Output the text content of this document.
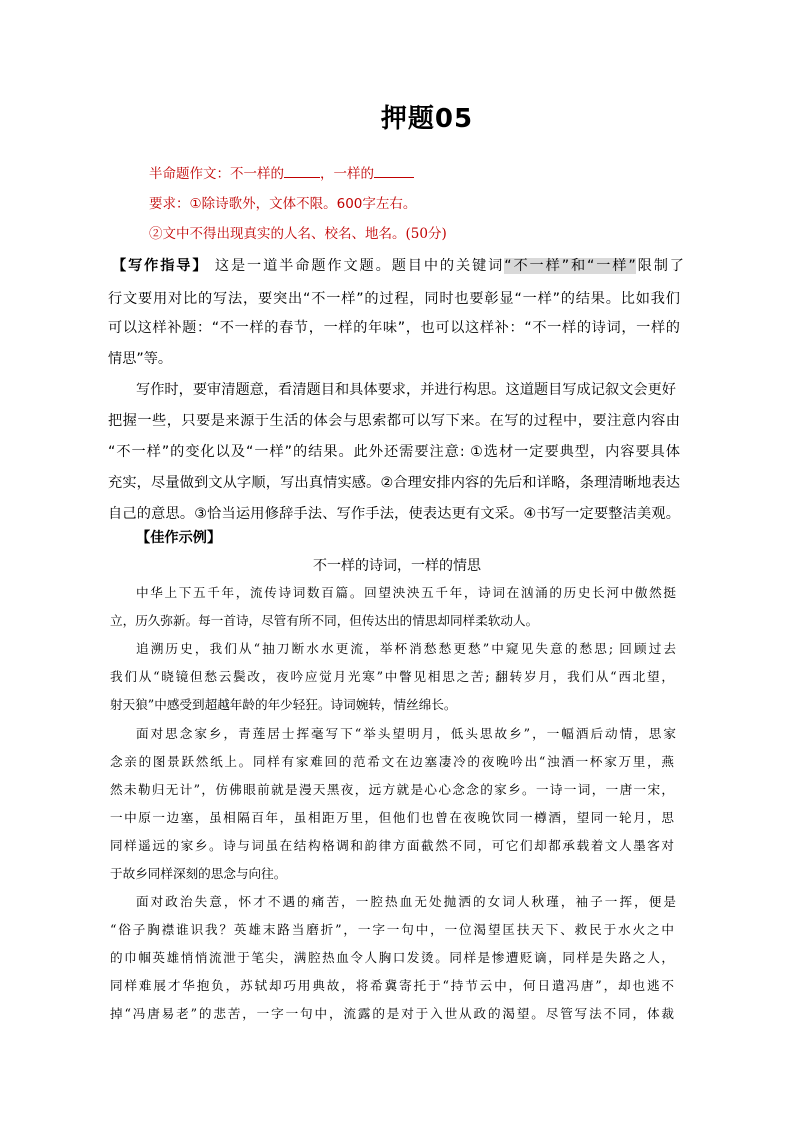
押题05
半命题作文：不一样的	，一样的
要求：①除诗歌外，文体不限。600字左右。
②文中不得出现真实的人名、校名、地名。(50分)
【写作指导】 这是一道半命题作文题。题目中的关键词“不一样”和“一样”限制了
行文要用对比的写法，要突出“不一样”的过程，同时也要彰显“一样”的结果。比如我们
可以这样补题：“不一样的春节，一样的年味”，也可以这样补：“不一样的诗词，一样的
情思”等。
写作时，要审清题意，看清题目和具体要求，并进行构思。这道题目写成记叙文会更好
把握一些，只要是来源于生活的体会与思索都可以写下来。在写的过程中，要注意内容由
“不一样”的变化以及“一样”的结果。此外还需要注意: ①选材一定要典型，内容要具体
充实，尽量做到文从字顺，写出真情实感。②合理安排内容的先后和详略，条理清晰地表达
自己的意思。③恰当运用修辞手法、写作手法，使表达更有文采。④书写一定要整洁美观。
【佳作示例】
不一样的诗词，一样的情思
中华上下五千年，流传诗词数百篇。回望泱泱五千年，诗词在汹涌的历史长河中傲然挺
立，历久弥新。每一首诗，尽管有所不同，但传达出的情思却同样柔软动人。
追溯历史，我们从“抽刀断水水更流，举杯消愁愁更愁”中窥见失意的愁思; 回顾过去
我们从“晓镜但愁云鬓改，夜吟应觉月光寒”中瞥见相思之苦; 翻转岁月，我们从“西北望，
射天狼”中感受到超越年龄的年少轻狂。诗词婉转，情丝绵长。
面对思念家乡，青莲居士挥毫写下“举头望明月，低头思故乡”，一幅酒后动情，思家
念亲的图景跃然纸上。同样有家难回的范希文在边塞凄冷的夜晚吟出“浊酒一杯家万里，燕
然未勒归无计”，仿佛眼前就是漫天黑夜，远方就是心心念念的家乡。一诗一词，一唐一宋，
一中原一边塞，虽相隔百年，虽相距万里，但他们也曾在夜晚饮同一樽酒，望同一轮月，思
同样遥远的家乡。诗与词虽在结构格调和韵律方面截然不同，可它们却都承载着文人墨客对
于故乡同样深刻的思念与向往。
面对政治失意，怀才不遇的痛苦，一腔热血无处抛洒的女词人秋瑾，袖子一挥，便是
“俗子胸襟谁识我？英雄末路当磨折”，一字一句中，一位渴望匡扶天下、救民于水火之中
的巾帼英雄悄悄流泄于笔尖，满腔热血令人胸口发烫。同样是惨遭贬谪，同样是失路之人，
同样难展才华抱负，苏轼却巧用典故，将希冀寄托于“持节云中，何日遣冯唐”，却也逃不
掉“冯唐易老”的悲苦，一字一句中，流露的是对于入世从政的渴望。尽管写法不同，体裁
